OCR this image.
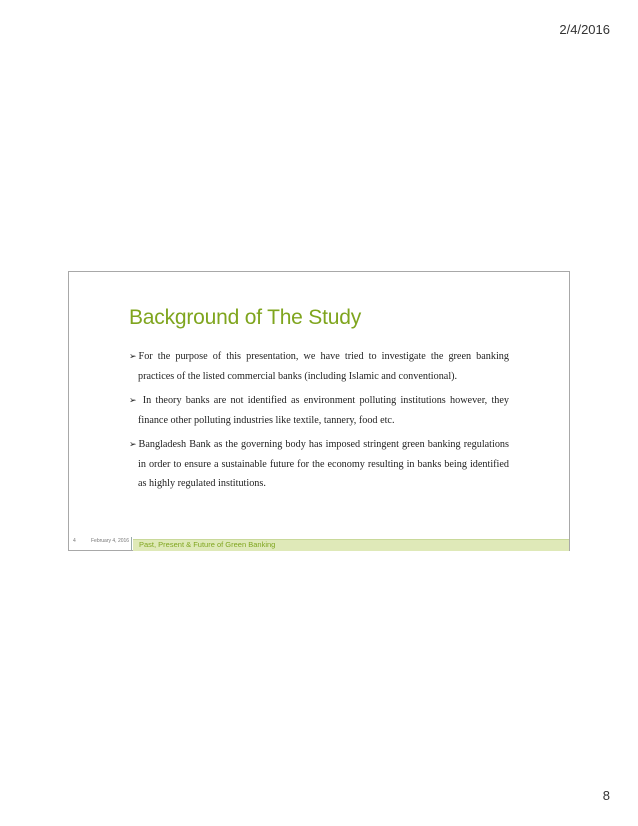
2/4/2016
Background of The Study
➢ For the purpose of this presentation, we have tried to investigate the green banking practices of the listed commercial banks (including Islamic and conventional).
➢ In theory banks are not identified as environment polluting institutions however, they finance other polluting industries like textile, tannery, food etc.
➢ Bangladesh Bank as the governing body has imposed stringent green banking regulations in order to ensure a sustainable future for the economy resulting in banks being identified as highly regulated institutions.
4	February 4, 2016 Past, Present & Future of Green Banking
8
